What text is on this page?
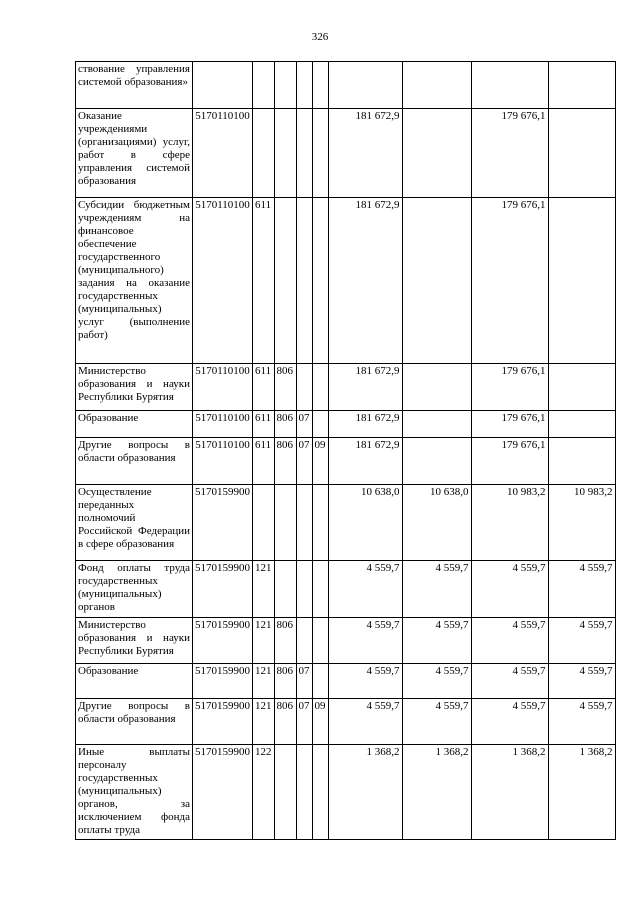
326
ствование управления системой образования»									
Оказание учреждениями (организациями) услуг, работ в сфере управления системой образования	5170110100					181 672,9		179 676,1	
Субсидии бюджетным учреждениям на финансовое обеспечение государственного (муниципального) задания на оказание государственных (муниципальных) услуг (выполнение работ)	5170110100	611				181 672,9		179 676,1	
Министерство образования и науки Республики Бурятия	5170110100	611	806			181 672,9		179 676,1	
Образование	5170110100	611	806	07		181 672,9		179 676,1	
Другие вопросы в области образования	5170110100	611	806	07	09	181 672,9		179 676,1	
Осуществление переданных полномочий Российской Федерации в сфере образования	5170159900					10 638,0	10 638,0	10 983,2	10 983,2
Фонд оплаты труда государственных (муниципальных) органов	5170159900	121				4 559,7	4 559,7	4 559,7	4 559,7
Министерство образования и науки Республики Бурятия	5170159900	121	806			4 559,7	4 559,7	4 559,7	4 559,7
Образование	5170159900	121	806	07		4 559,7	4 559,7	4 559,7	4 559,7
Другие вопросы в области образования	5170159900	121	806	07	09	4 559,7	4 559,7	4 559,7	4 559,7
Иные выплаты персоналу государственных (муниципальных) органов, за исключением фонда оплаты труда	5170159900	122				1 368,2	1 368,2	1 368,2	1 368,2
